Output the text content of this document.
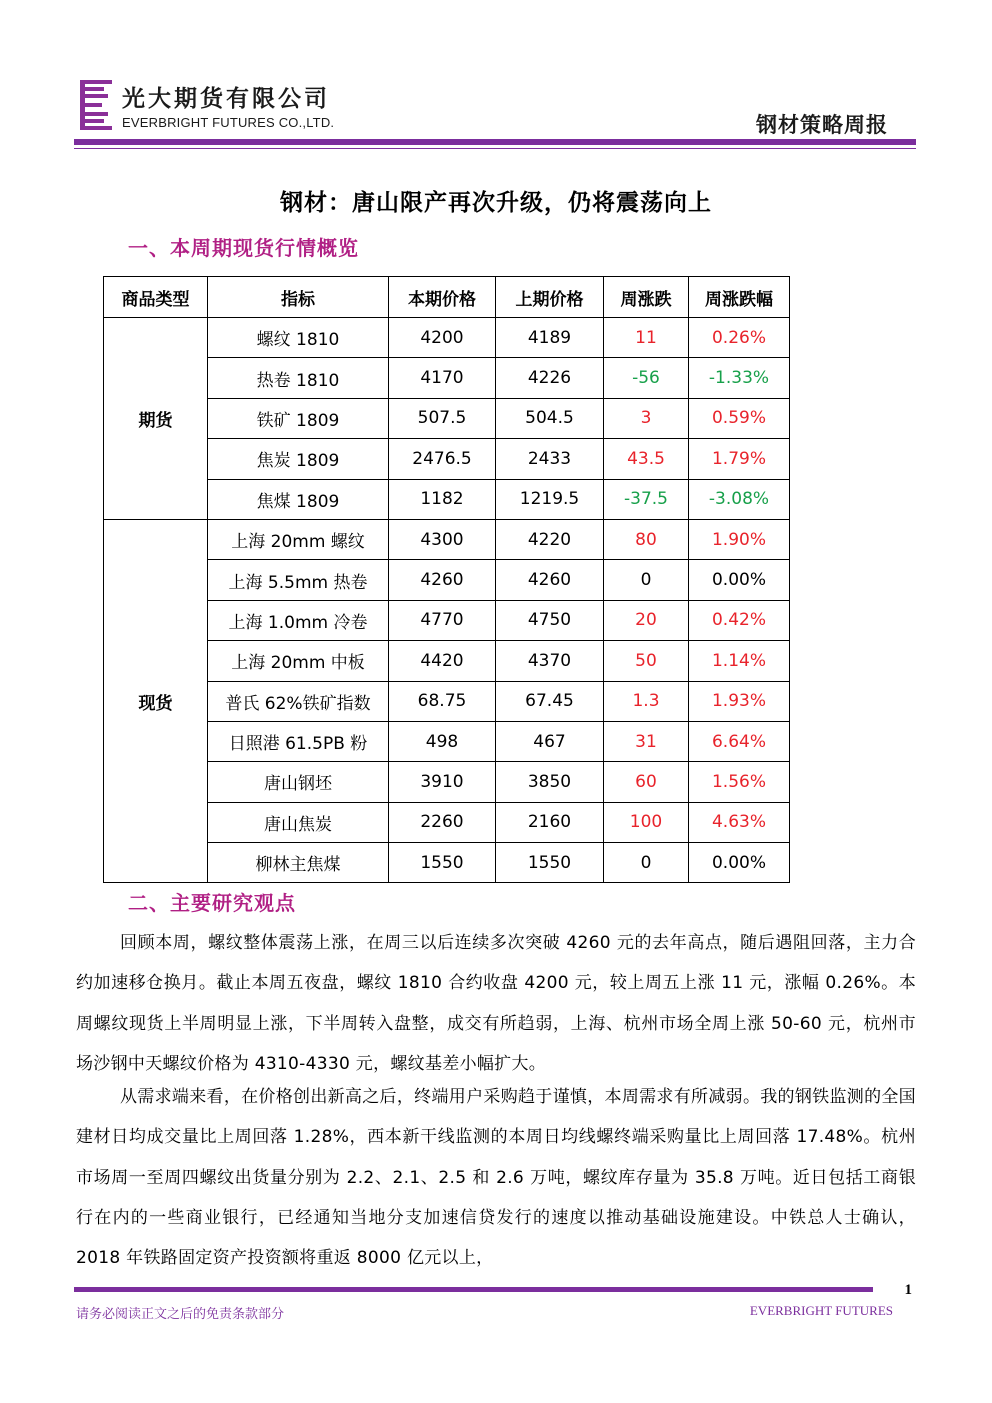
光大期货有限公司
EVERBRIGHT FUTURES CO.,LTD.	钢材策略周报
钢材：唐山限产再次升级，仍将震荡向上
一、本周期现货行情概览
商品类型	指标	本期价格	上期价格	周涨跌	周涨跌幅
期货	螺纹 1810	4200	4189	11	0.26%
	热卷 1810	4170	4226	-56	-1.33%
	铁矿 1809	507.5	504.5	3	0.59%
	焦炭 1809	2476.5	2433	43.5	1.79%
	焦煤 1809	1182	1219.5	-37.5	-3.08%
现货	上海 20mm 螺纹	4300	4220	80	1.90%
	上海 5.5mm 热卷	4260	4260	0	0.00%
	上海 1.0mm 冷卷	4770	4750	20	0.42%
	上海 20mm 中板	4420	4370	50	1.14%
	普氏 62%铁矿指数	68.75	67.45	1.3	1.93%
	日照港 61.5PB 粉	498	467	31	6.64%
	唐山钢坯	3910	3850	60	1.56%
	唐山焦炭	2260	2160	100	4.63%
	柳林主焦煤	1550	1550	0	0.00%
二、主要研究观点

回顾本周，螺纹整体震荡上涨，在周三以后连续多次突破 4260 元的去年高点，随后遇阻回落，主力合约加速移仓换月。截止本周五夜盘，螺纹 1810 合约收盘 4200 元，较上周五上涨 11 元，涨幅 0.26%。本周螺纹现货上半周明显上涨，下半周转入盘整，成交有所趋弱，上海、杭州市场全周上涨 50-60 元，杭州市场沙钢中天螺纹价格为 4310-4330 元，螺纹基差小幅扩大。

从需求端来看，在价格创出新高之后，终端用户采购趋于谨慎，本周需求有所减弱。我的钢铁监测的全国建材日均成交量比上周回落 1.28%，西本新干线监测的本周日均线螺终端采购量比上周回落 17.48%。杭州市场周一至周四螺纹出货量分别为 2.2、2.1、2.5 和 2.6 万吨，螺纹库存量为 35.8 万吨。近日包括工商银行在内的一些商业银行，已经通知当地分支加速信贷发行的速度以推动基础设施建设。中铁总人士确认，2018 年铁路固定资产投资额将重返 8000 亿元以上，

1
请务必阅读正文之后的免责条款部分	EVERBRIGHT FUTURES
